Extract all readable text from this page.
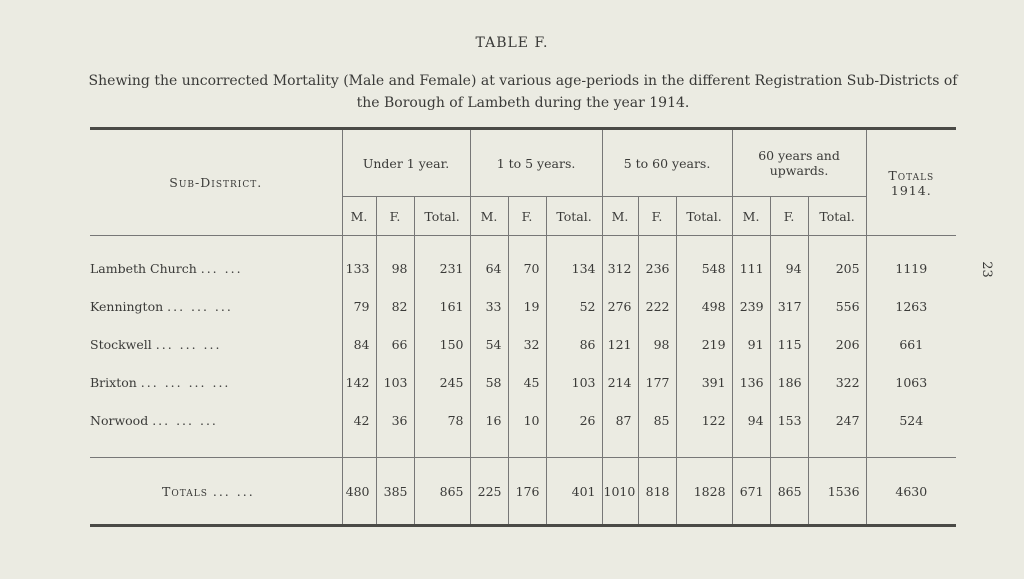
TABLE F.
Shewing the uncorrected Mortality (Male and Female) at various age-periods in the different Registration Sub-Districts of the Borough of Lambeth during the year 1914.
23
Sub-District.	Under 1 year.			1 to 5 years.			5 to 60 years.			60 years and upwards.			Totals 1914.
	M.	F.	Total.	M.	F.	Total.	M.	F.	Total.	M.	F.	Total.	
Lambeth Church ... ...	133	98	231	64	70	134	312	236	548	111	94	205	1119
Kennington ... ... ...	79	82	161	33	19	52	276	222	498	239	317	556	1263
Stockwell ... ... ...	84	66	150	54	32	86	121	98	219	91	115	206	661
Brixton ... ... ... ...	142	103	245	58	45	103	214	177	391	136	186	322	1063
Norwood ... ... ...	42	36	78	16	10	26	87	85	122	94	153	247	524

Totals ... ...	480	385	865	225	176	401	1010	818	1828	671	865	1536	4630
